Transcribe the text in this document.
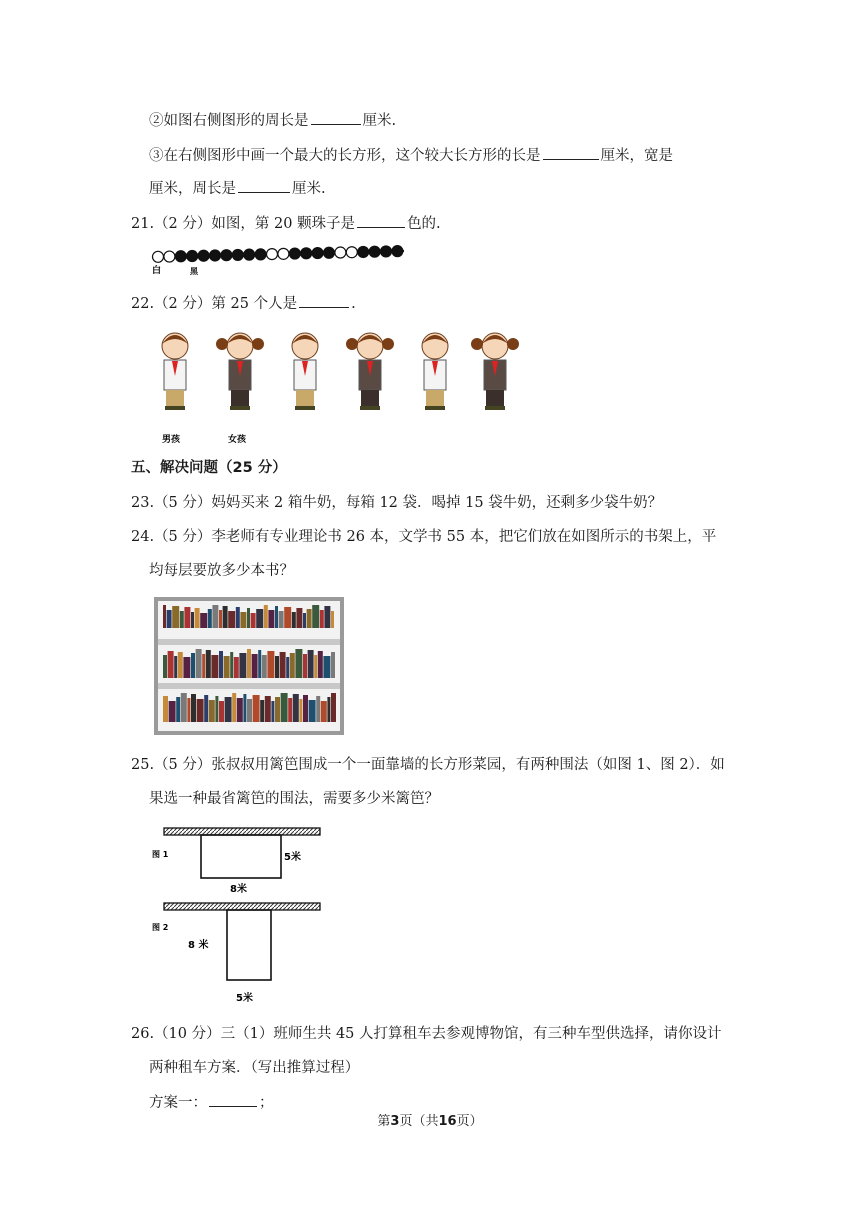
②如图右侧图形的周长是	厘米.
③在右侧图形中画一个最大的长方形，这个较大长方形的长是	厘米，宽是
厘米，周长是	厘米.
21.（2 分）如图，第 20 颗珠子是	色的.
白	黑
22.（2 分）第 25 个人是	.
男孩	女孩
五、解决问题（25 分）
23.（5 分）妈妈买来 2 箱牛奶，每箱 12 袋．喝掉 15 袋牛奶，还剩多少袋牛奶？
24.（5 分）李老师有专业理论书 26 本，文学书 55 本，把它们放在如图所示的书架上，平
均每层要放多少本书？
25.（5 分）张叔叔用篱笆围成一个一面靠墙的长方形菜园，有两种围法（如图 1、图 2）．如
果选一种最省篱笆的围法，需要多少米篱笆？
图 1	5米
8米
图 2
8 米
5米
26.（10 分）三（1）班师生共 45 人打算租车去参观博物馆，有三种车型供选择，请你设计
两种租车方案．（写出推算过程）
方案一：	；
第3页（共16页）
